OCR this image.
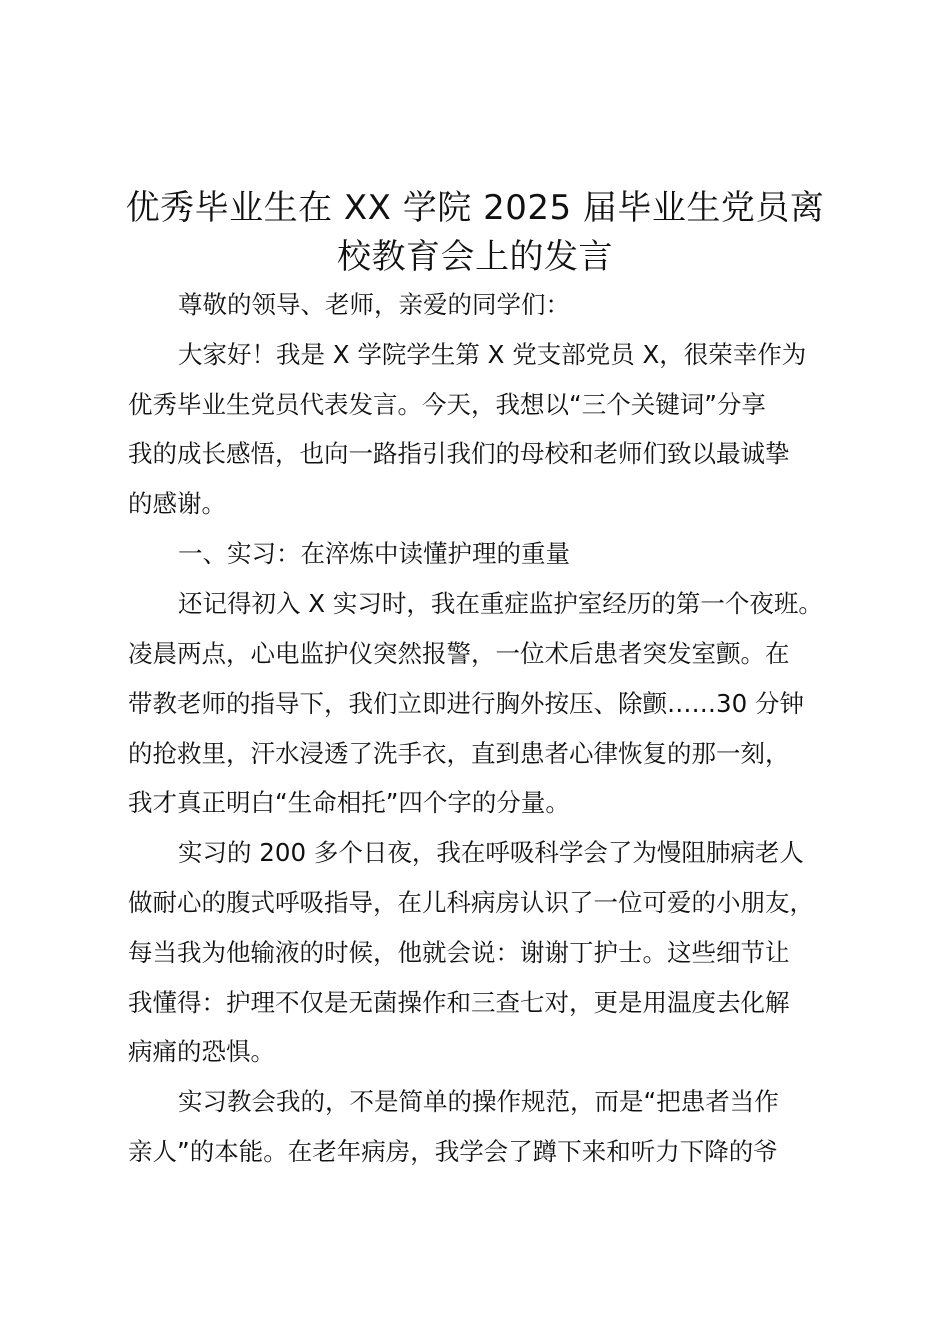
优秀毕业生在 XX 学院 2025 届毕业生党员离
校教育会上的发言

尊敬的领导、老师，亲爱的同学们：

大家好！我是 X 学院学生第 X 党支部党员 X，很荣幸作为

优秀毕业生党员代表发言。今天，我想以“三个关键词”分享

我的成长感悟，也向一路指引我们的母校和老师们致以最诚挚

的感谢。

一、实习：在淬炼中读懂护理的重量

还记得初入 X 实习时，我在重症监护室经历的第一个夜班。

凌晨两点，心电监护仪突然报警，一位术后患者突发室颤。在

带教老师的指导下，我们立即进行胸外按压、除颤……30 分钟

的抢救里，汗水浸透了洗手衣，直到患者心律恢复的那一刻，

我才真正明白“生命相托”四个字的分量。

实习的 200 多个日夜，我在呼吸科学会了为慢阻肺病老人

做耐心的腹式呼吸指导，在儿科病房认识了一位可爱的小朋友，

每当我为他输液的时候，他就会说：谢谢丁护士。这些细节让

我懂得：护理不仅是无菌操作和三查七对，更是用温度去化解

病痛的恐惧。

实习教会我的，不是简单的操作规范，而是“把患者当作

亲人”的本能。在老年病房，我学会了蹲下来和听力下降的爷
